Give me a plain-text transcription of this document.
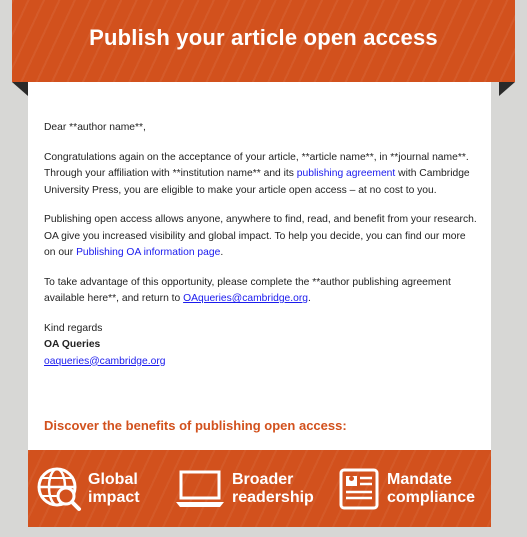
Publish your article open access

Dear **author name**,

Congratulations again on the acceptance of your article, **article name**, in **journal name**. Through your affiliation with **institution name** and its publishing agreement with Cambridge University Press, you are eligible to make your article open access – at no cost to you.

Publishing open access allows anyone, anywhere to find, read, and benefit from your research. OA give you increased visibility and global impact. To help you decide, you can find our more on our Publishing OA information page.

To take advantage of this opportunity, please complete the **author publishing agreement available here**, and return to OAqueries@cambridge.org.

Kind regards
OA Queries
oaqueries@cambridge.org
Discover the benefits of publishing open access:
Global
impact
Broader
readership
Mandate
compliance
